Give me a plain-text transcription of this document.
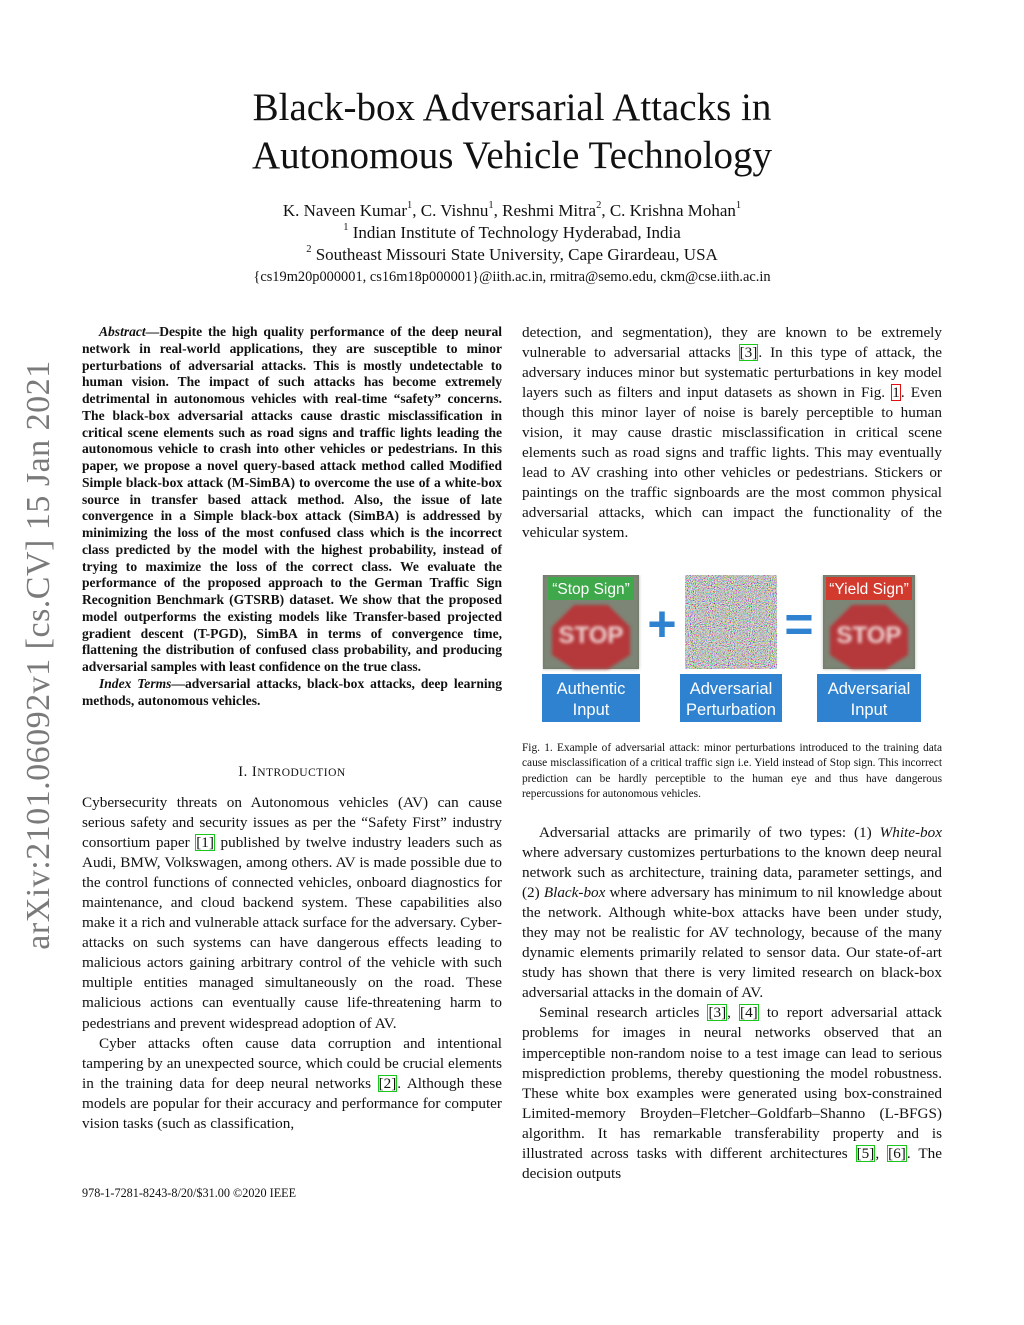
arXiv:2101.06092v1 [cs.CV] 15 Jan 2021
Black-box Adversarial Attacks in
Autonomous Vehicle Technology
K. Naveen Kumar$^1$, C. Vishnu$^1$, Reshmi Mitra$^2$, C. Krishna Mohan$^1$
$^1$ Indian Institute of Technology Hyderabad, India
$^2$ Southeast Missouri State University, Cape Girardeau, USA
{cs19m20p000001, cs16m18p000001}@iith.ac.in, rmitra@semo.edu, ckm@cse.iith.ac.in

Abstract—Despite the high quality performance of the deep neural network in real-world applications, they are susceptible to minor perturbations of adversarial attacks. This is mostly undetectable to human vision. The impact of such attacks has become extremely detrimental in autonomous vehicles with real-time “safety” concerns. The black-box adversarial attacks cause drastic misclassification in critical scene elements such as road signs and traffic lights leading the autonomous vehicle to crash into other vehicles or pedestrians. In this paper, we propose a novel query-based attack method called Modified Simple black-box attack (M-SimBA) to overcome the use of a white-box source in transfer based attack method. Also, the issue of late convergence in a Simple black-box attack (SimBA) is addressed by minimizing the loss of the most confused class which is the incorrect class predicted by the model with the highest probability, instead of trying to maximize the loss of the correct class. We evaluate the performance of the proposed approach to the German Traffic Sign Recognition Benchmark (GTSRB) dataset. We show that the proposed model outperforms the existing models like Transfer-based projected gradient descent (T-PGD), SimBA in terms of convergence time, flattening the distribution of confused class probability, and producing adversarial samples with least confidence on the true class.

Index Terms—adversarial attacks, black-box attacks, deep learning methods, autonomous vehicles.

I. INTRODUCTION

Cybersecurity threats on Autonomous vehicles (AV) can cause serious safety and security issues as per the “Safety First” industry consortium paper [1] published by twelve industry leaders such as Audi, BMW, Volkswagen, among others. AV is made possible due to the control functions of connected vehicles, onboard diagnostics for maintenance, and cloud backend system. These capabilities also make it a rich and vulnerable attack surface for the adversary. Cyber-attacks on such systems can have dangerous effects leading to malicious actors gaining arbitrary control of the vehicle with such multiple entities managed simultaneously on the road. These malicious actions can eventually cause life-threatening harm to pedestrians and prevent widespread adoption of AV.

Cyber attacks often cause data corruption and intentional tampering by an unexpected source, which could be crucial elements in the training data for deep neural networks [2]. Although these models are popular for their accuracy and performance for computer vision tasks (such as classification,

detection, and segmentation), they are known to be extremely vulnerable to adversarial attacks [3]. In this type of attack, the adversary induces minor but systematic perturbations in key model layers such as filters and input datasets as shown in Fig. 1. Even though this minor layer of noise is barely perceptible to human vision, it may cause drastic misclassification in critical scene elements such as road signs and traffic lights. This may eventually lead to AV crashing into other vehicles or pedestrians. Stickers or paintings on the traffic signboards are the most common physical adversarial attacks, which can impact the functionality of the vehicular system.

“Stop Sign”
STOP
Authentic
Input
+
Adversarial
Perturbation
=
“Yield Sign”
STOP
Adversarial
Input
Fig. 1. Example of adversarial attack: minor perturbations introduced to the training data cause misclassification of a critical traffic sign i.e. Yield instead of Stop sign. This incorrect prediction can be hardly perceptible to the human eye and thus have dangerous repercussions for autonomous vehicles.

Adversarial attacks are primarily of two types: (1) White-box where adversary customizes perturbations to the known deep neural network such as architecture, training data, parameter settings, and (2) Black-box where adversary has minimum to nil knowledge about the network. Although white-box attacks have been under study, they may not be realistic for AV technology, because of the many dynamic elements primarily related to sensor data. Our state-of-art study has shown that there is very limited research on black-box adversarial attacks in the domain of AV.

Seminal research articles [3], [4] to report adversarial attack problems for images in neural networks observed that an imperceptible non-random noise to a test image can lead to serious misprediction problems, thereby questioning the model robustness. These white box examples were generated using box-constrained Limited-memory Broyden–Fletcher–Goldfarb–Shanno (L-BFGS) algorithm. It has remarkable transferability property and is illustrated across tasks with different architectures [5], [6]. The decision outputs

978-1-7281-8243-8/20/$31.00 ©2020 IEEE
